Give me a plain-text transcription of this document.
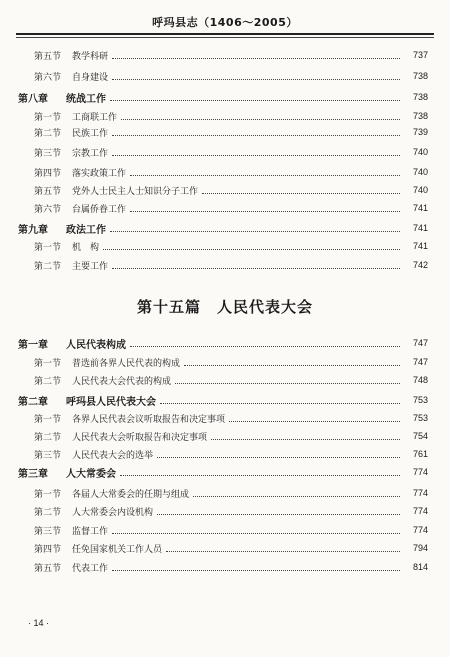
呼玛县志（1406～2005）
第五节	教学科研	737
第六节	自身建设	738
第八章	统战工作	738
第一节	工商联工作	738
第二节	民族工作	739
第三节	宗教工作	740
第四节	落实政策工作	740
第五节	党外人士民主人士知识分子工作	740
第六节	台属侨眷工作	741
第九章	政法工作	741
第一节	机　构	741
第二节	主要工作	742
第十五篇　人民代表大会
第一章	人民代表构成	747
第一节	普选前各界人民代表的构成	747
第二节	人民代表大会代表的构成	748
第二章	呼玛县人民代表大会	753
第一节	各界人民代表会议听取报告和决定事项	753
第二节	人民代表大会听取报告和决定事项	754
第三节	人民代表大会的选举	761
第三章	人大常委会	774
第一节	各届人大常委会的任期与组成	774
第二节	人大常委会内设机构	774
第三节	监督工作	774
第四节	任免国家机关工作人员	794
第五节	代表工作	814
· 14 ·
